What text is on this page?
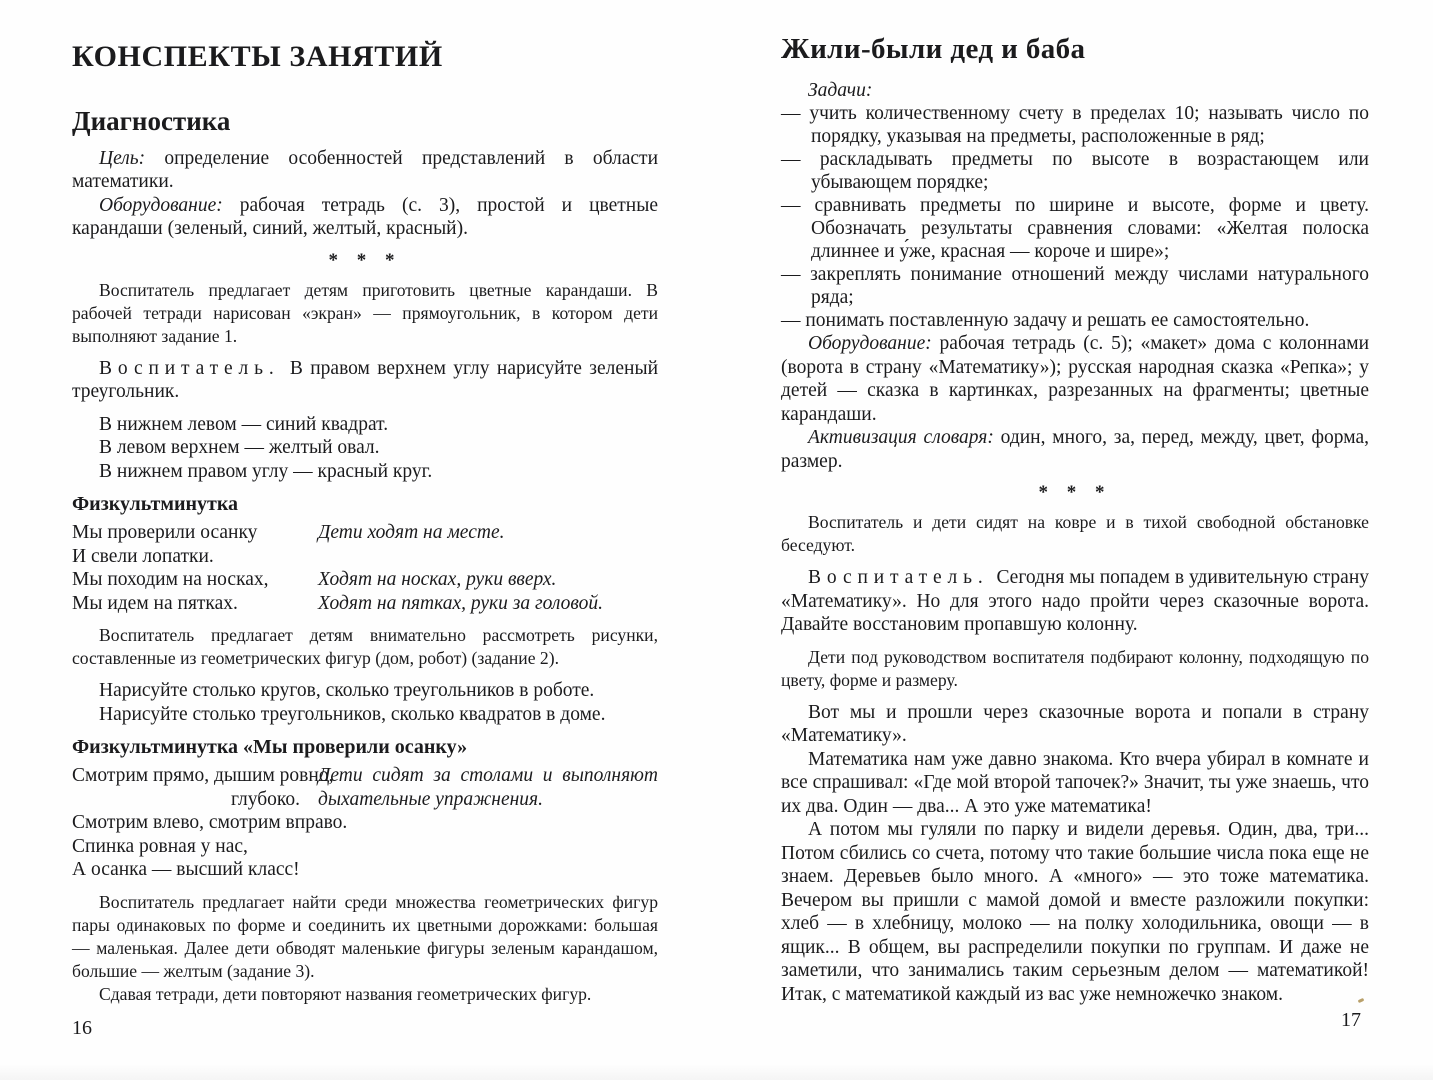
КОНСПЕКТЫ ЗАНЯТИЙ
Диагностика

Цель: определение особенностей представлений в области математики.

Оборудование: рабочая тетрадь (с. 3), простой и цветные карандаши (зеленый, синий, желтый, красный).

* * *

Воспитатель предлагает детям приготовить цветные карандаши. В рабочей тетради нарисован «экран» — прямоугольник, в котором дети выполняют задание 1.

Воспитатель. В правом верхнем углу нарисуйте зеленый треугольник.

В нижнем левом — синий квадрат.

В левом верхнем — желтый овал.

В нижнем правом углу — красный круг.

Физкультминутка
Мы проверили осанку	Дети ходят на месте.
И свели лопатки.
Мы походим на носках,	Ходят на носках, руки вверх.
Мы идем на пятках.	Ходят на пятках, руки за головой.

Воспитатель предлагает детям внимательно рассмотреть рисунки, составленные из геометрических фигур (дом, робот) (задание 2).

Нарисуйте столько кругов, сколько треугольников в роботе.

Нарисуйте столько треугольников, сколько квадратов в доме.

Физкультминутка «Мы проверили осанку»
Смотрим прямо, дышим ровно,
глубоко.
Смотрим влево, смотрим вправо.
Спинка ровная у нас,
А осанка — высший класс!
Дети сидят за столами и выполняют дыхательные упражнения.

Воспитатель предлагает найти среди множества геометрических фигур пары одинаковых по форме и соединить их цветными дорожками: большая — маленькая. Далее дети обводят маленькие фигуры зеленым карандашом, большие — желтым (задание 3).

Сдавая тетради, дети повторяют названия геометрических фигур.

Жили-были дед и баба

Задачи:

— учить количественному счету в пределах 10; называть число по порядку, указывая на предметы, расположенные в ряд;
— раскладывать предметы по высоте в возрастающем или убывающем порядке;
— сравнивать предметы по ширине и высоте, форме и цвету. Обозначать результаты сравнения словами: «Желтая полоска длиннее и у́же, красная — короче и шире»;
— закреплять понимание отношений между числами натурального ряда;
— понимать поставленную задачу и решать ее самостоятельно.

Оборудование: рабочая тетрадь (с. 5); «макет» дома с колоннами (ворота в страну «Математику»); русская народная сказка «Репка»; у детей — сказка в картинках, разрезанных на фрагменты; цветные карандаши.

Активизация словаря: один, много, за, перед, между, цвет, форма, размер.

* * *

Воспитатель и дети сидят на ковре и в тихой свободной обстановке беседуют.

Воспитатель. Сегодня мы попадем в удивительную страну «Математику». Но для этого надо пройти через сказочные ворота. Давайте восстановим пропавшую колонну.

Дети под руководством воспитателя подбирают колонну, подходящую по цвету, форме и размеру.

Вот мы и прошли через сказочные ворота и попали в страну «Математику».

Математика нам уже давно знакома. Кто вчера убирал в комнате и все спрашивал: «Где мой второй тапочек?» Значит, ты уже знаешь, что их два. Один — два... А это уже математика!

А потом мы гуляли по парку и видели деревья. Один, два, три... Потом сбились со счета, потому что такие большие числа пока еще не знаем. Деревьев было много. А «много» — это тоже математика. Вечером вы пришли с мамой домой и вместе разложили покупки: хлеб — в хлебницу, молоко — на полку холодильника, овощи — в ящик... В общем, вы распределили покупки по группам. И даже не заметили, что занимались таким серьезным делом — математикой! Итак, с математикой каждый из вас уже немножечко знаком.

16	17
